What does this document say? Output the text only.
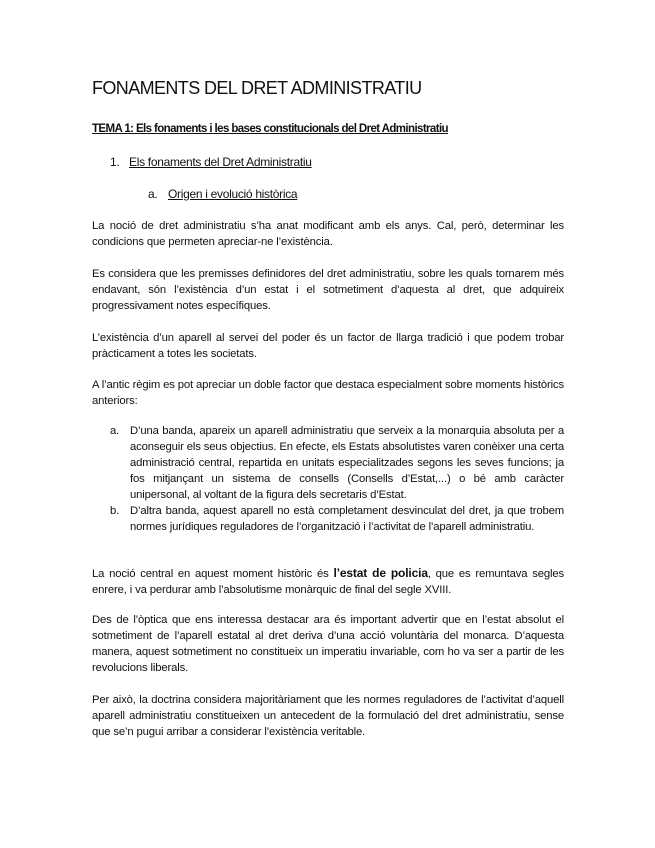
FONAMENTS DEL DRET ADMINISTRATIU
TEMA 1: Els fonaments i les bases constitucionals del Dret Administratiu
1. Els fonaments del Dret Administratiu
a. Origen i evolució històrica

La noció de dret administratiu s’ha anat modificant amb els anys. Cal, però, determinar les condicions que permeten apreciar-ne l’existència.

Es considera que les premisses definidores del dret administratiu, sobre les quals tornarem més endavant, són l’existència d’un estat i el sotmetiment d’aquesta al dret, que adquireix progressivament notes específiques.

L’existència d’un aparell al servei del poder és un factor de llarga tradició i que podem trobar pràcticament a totes les societats.

A l’antic règim es pot apreciar un doble factor que destaca especialment sobre moments històrics anteriors:

a. D’una banda, apareix un aparell administratiu que serveix a la monarquia absoluta per a aconseguir els seus objectius. En efecte, els Estats absolutistes varen conèixer una certa administració central, repartida en unitats especialitzades segons les seves funcions; ja fos mitjançant un sistema de consells (Consells d’Estat,...) o bé amb caràcter unipersonal, al voltant de la figura dels secretaris d’Estat.
b. D’altra banda, aquest aparell no està completament desvinculat del dret, ja que trobem normes jurídiques reguladores de l’organització i l’activitat de l’aparell administratiu.

La noció central en aquest moment històric és l’estat de policia, que es remuntava segles enrere, i va perdurar amb l’absolutisme monàrquic de final del segle XVIII.

Des de l’òptica que ens interessa destacar ara és important advertir que en l’estat absolut el sotmetiment de l’aparell estatal al dret deriva d’una acció voluntària del monarca. D’aquesta manera, aquest sotmetiment no constitueix un imperatiu invariable, com ho va ser a partir de les revolucions liberals.

Per això, la doctrina considera majoritàriament que les normes reguladores de l’activitat d’aquell aparell administratiu constitueixen un antecedent de la formulació del dret administratiu, sense que se’n pugui arribar a considerar l’existència veritable.
